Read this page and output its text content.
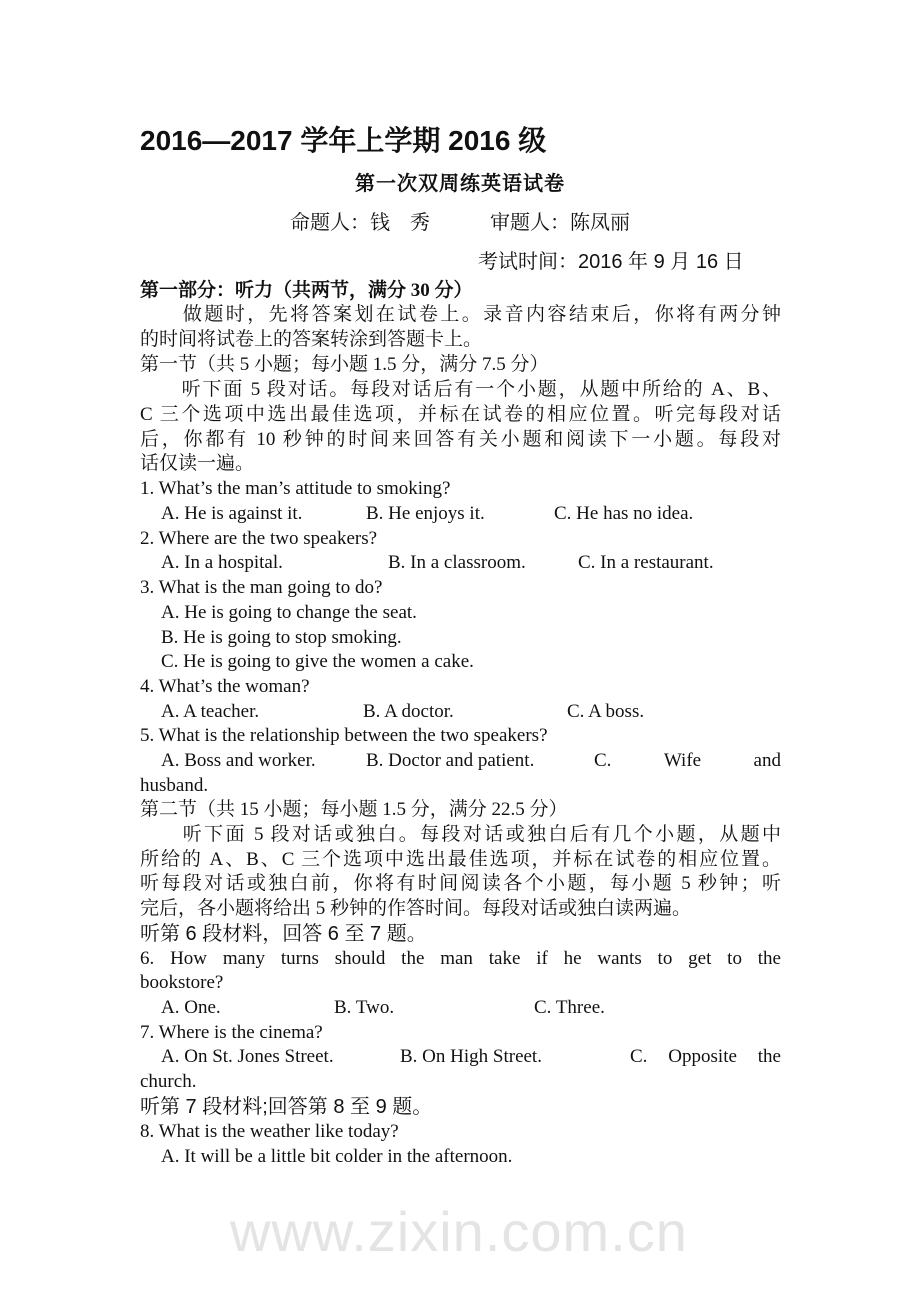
www.zixin.com.cn
2016—2017 学年上学期 2016 级
第一次双周练英语试卷
命题人：钱　秀　　　审题人：陈凤丽
考试时间：2016 年 9 月 16 日
第一部分：听力（共两节，满分 30 分）
　　做题时，先将答案划在试卷上。录音内容结束后，你将有两分钟
的时间将试卷上的答案转涂到答题卡上。
第一节（共 5 小题；每小题 1.5 分，满分 7.5 分）
　　听下面 5 段对话。每段对话后有一个小题，从题中所给的 A、B、
C 三个选项中选出最佳选项，并标在试卷的相应位置。听完每段对话
后，你都有 10 秒钟的时间来回答有关小题和阅读下一小题。每段对
话仅读一遍。
1. What’s the man’s attitude to smoking?
A. He is against it.	B. He enjoys it.	C. He has no idea.
2. Where are the two speakers?
A. In a hospital.	B. In a classroom.	C. In a restaurant.
3. What is the man going to do?
A. He is going to change the seat.
B. He is going to stop smoking.
C. He is going to give the women a cake.
4. What’s the woman?
A. A teacher.	B. A doctor.	C. A boss.
5. What is the relationship between the two speakers?
A. Boss and worker.	B. Doctor and patient.	C.　　Wife　　and
husband.
第二节（共 15 小题；每小题 1.5 分，满分 22.5 分）
　　听下面 5 段对话或独白。每段对话或独白后有几个小题，从题中
所给的 A、B、C 三个选项中选出最佳选项，并标在试卷的相应位置。
听每段对话或独白前，你将有时间阅读各个小题，每小题 5 秒钟；听
完后，各小题将给出 5 秒钟的作答时间。每段对话或独白读两遍。
听第 6 段材料，回答 6 至 7 题。
6. How many turns should the man take if he wants to get to the
bookstore?
A. One.	B. Two.	C. Three.
7. Where is the cinema?
A. On St. Jones Street.	B. On High Street.	C. Opposite the
church.
听第 7 段材料;回答第 8 至 9 题。
8. What is the weather like today?
A. It will be a little bit colder in the afternoon.
